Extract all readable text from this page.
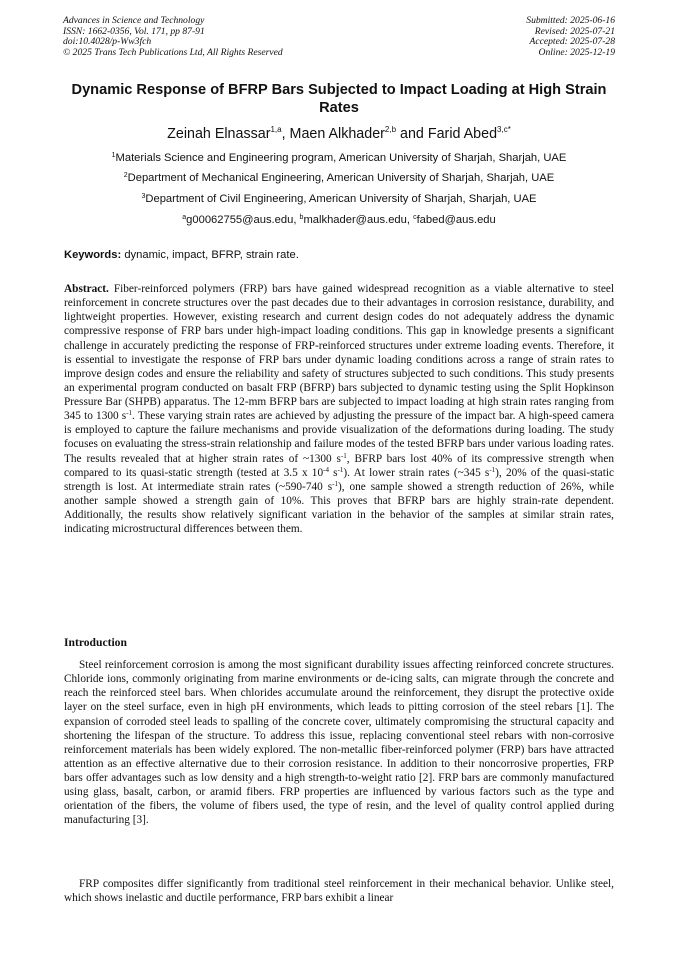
Advances in Science and Technology
ISSN: 1662-0356, Vol. 171, pp 87-91
doi:10.4028/p-Ww3fch
© 2025 Trans Tech Publications Ltd, All Rights Reserved
Submitted: 2025-06-16
Revised: 2025-07-21
Accepted: 2025-07-28
Online: 2025-12-19
Dynamic Response of BFRP Bars Subjected to Impact Loading at High Strain Rates
Zeinah Elnassar$^{1,a}$, Maen Alkhader$^{2,b}$ and Farid Abed$^{3,c*}$
$^1$Materials Science and Engineering program, American University of Sharjah, Sharjah, UAE
$^2$Department of Mechanical Engineering, American University of Sharjah, Sharjah, UAE
$^3$Department of Civil Engineering, American University of Sharjah, Sharjah, UAE
$^a$g00062755@aus.edu, $^b$malkhader@aus.edu, $^c$fabed@aus.edu
Keywords: dynamic, impact, BFRP, strain rate.

Abstract. Fiber-reinforced polymers (FRP) bars have gained widespread recognition as a viable alternative to steel reinforcement in concrete structures over the past decades due to their advantages in corrosion resistance, durability, and lightweight properties. However, existing research and current design codes do not adequately address the dynamic compressive response of FRP bars under high-impact loading conditions. This gap in knowledge presents a significant challenge in accurately predicting the response of FRP-reinforced structures under extreme loading events. Therefore, it is essential to investigate the response of FRP bars under dynamic loading conditions across a range of strain rates to improve design codes and ensure the reliability and safety of structures subjected to such conditions. This study presents an experimental program conducted on basalt FRP (BFRP) bars subjected to dynamic testing using the Split Hopkinson Pressure Bar (SHPB) apparatus. The 12-mm BFRP bars are subjected to impact loading at high strain rates ranging from 345 to 1300 $s^{-1}$. These varying strain rates are achieved by adjusting the pressure of the impact bar. A high-speed camera is employed to capture the failure mechanisms and provide visualization of the deformations during loading. The study focuses on evaluating the stress-strain relationship and failure modes of the tested BFRP bars under various loading rates. The results revealed that at higher strain rates of ~1300 $s^{-1}$, BFRP bars lost 40% of its compressive strength when compared to its quasi-static strength (tested at 3.5 x $10^{-4}$ $s^{-1}$). At lower strain rates (~345 $s^{-1}$), 20% of the quasi-static strength is lost. At intermediate strain rates (~590-740 $s^{-1}$), one sample showed a strength reduction of 26%, while another sample showed a strength gain of 10%. This proves that BFRP bars are highly strain-rate dependent. Additionally, the results show relatively significant variation in the behavior of the samples at similar strain rates, indicating microstructural differences between them.

Introduction

Steel reinforcement corrosion is among the most significant durability issues affecting reinforced concrete structures. Chloride ions, commonly originating from marine environments or de-icing salts, can migrate through the concrete and reach the reinforced steel bars. When chlorides accumulate around the reinforcement, they disrupt the protective oxide layer on the steel surface, even in high pH environments, which leads to pitting corrosion of the steel rebars [1]. The expansion of corroded steel leads to spalling of the concrete cover, ultimately compromising the structural capacity and shortening the lifespan of the structure. To address this issue, replacing conventional steel rebars with non-corrosive reinforcement materials has been widely explored. The non-metallic fiber-reinforced polymer (FRP) bars have attracted attention as an effective alternative due to their corrosion resistance. In addition to their noncorrosive properties, FRP bars offer advantages such as low density and a high strength-to-weight ratio [2]. FRP bars are commonly manufactured using glass, basalt, carbon, or aramid fibers. FRP properties are influenced by various factors such as the type and orientation of the fibers, the volume of fibers used, the type of resin, and the level of quality control applied during manufacturing [3].

FRP composites differ significantly from traditional steel reinforcement in their mechanical behavior. Unlike steel, which shows inelastic and ductile performance, FRP bars exhibit a linear
